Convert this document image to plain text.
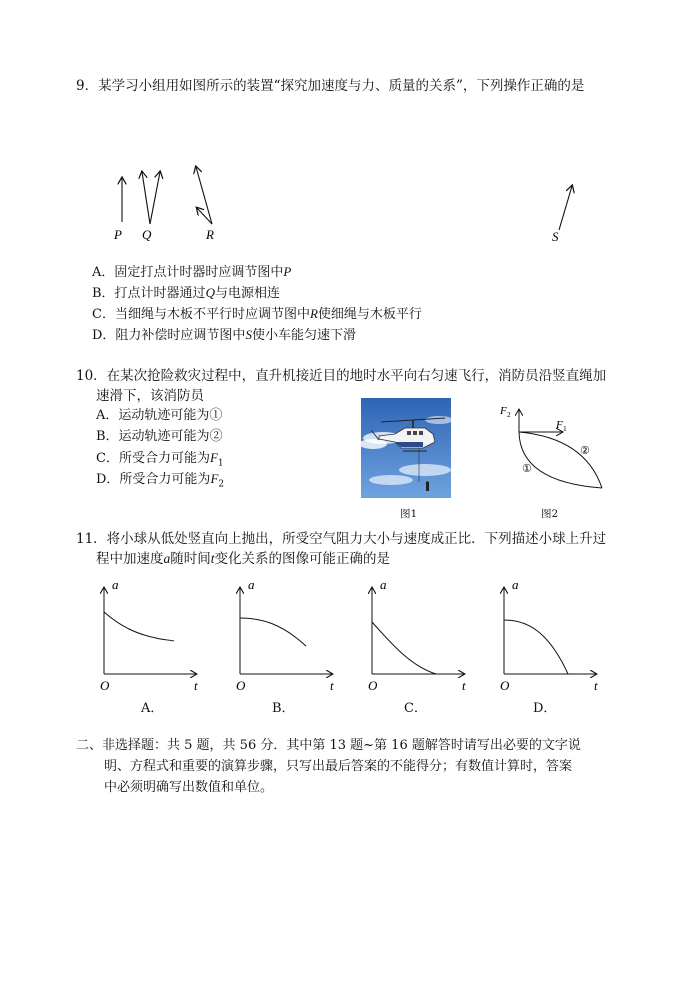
9．某学习小组用如图所示的装置“探究加速度与力、质量的关系”，下列操作正确的是
P Q	R	S
A．固定打点计时器时应调节图中P
B．打点计时器通过Q与电源相连
C．当细绳与木板不平行时应调节图中R使细绳与木板平行
D．阻力补偿时应调节图中S使小车能匀速下滑
10．在某次抢险救灾过程中，直升机接近目的地时水平向右匀速飞行，消防员沿竖直绳加
速滑下，该消防员
A．运动轨迹可能为①
B．运动轨迹可能为②
C．所受合力可能为$F_1$
D．所受合力可能为$F_2$
图1
F 2
F 1
①
②
图2
11．将小球从低处竖直向上抛出，所受空气阻力大小与速度成正比．下列描述小球上升过
程中加速度a随时间t变化关系的图像可能正确的是
a
O	t
A．
a
O	t
B．
a
O	t
C．
a
O	t
D．
二、非选择题：共 5 题，共 56 分．其中第 13 题~第 16 题解答时请写出必要的文字说
明、方程式和重要的演算步骤，只写出最后答案的不能得分；有数值计算时，答案
中必须明确写出数值和单位。
